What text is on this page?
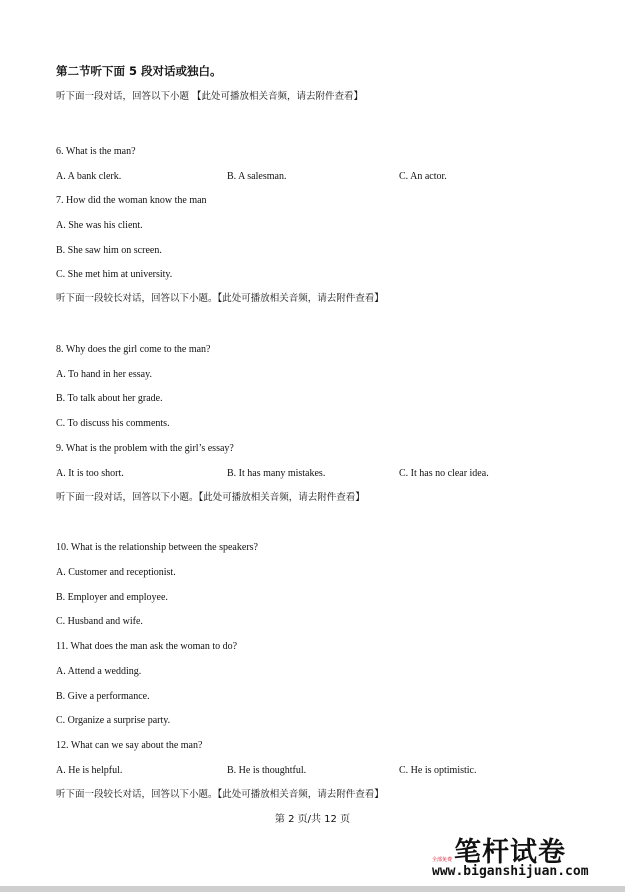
第二节听下面 5 段对话或独白。
听下面一段对话，回答以下小题 【此处可播放相关音频，请去附件查看】
6. What is the man?
A. A bank clerk.	B. A salesman.	C. An actor.
7. How did the woman know the man
A. She was his client.
B. She saw him on screen.
C. She met him at university.
听下面一段较长对话，回答以下小题。【此处可播放相关音频，请去附件查看】
8. Why does the girl come to the man?
A. To hand in her essay.
B. To talk about her grade.
C. To discuss his comments.
9. What is the problem with the girl’s essay?
A. It is too short.	B. It has many mistakes.	C. It has no clear idea.
听下面一段对话，回答以下小题。【此处可播放相关音频，请去附件查看】
10. What is the relationship between the speakers?
A. Customer and receptionist.
B. Employer and employee.
C. Husband and wife.
11. What does the man ask the woman to do?
A. Attend a wedding.
B. Give a performance.
C. Organize a surprise party.
12. What can we say about the man?
A. He is helpful.	B. He is thoughtful.	C. He is optimistic.
听下面一段较长对话，回答以下小题。【此处可播放相关音频，请去附件查看】
第 2 页/共 12 页
笔杆试卷
全部免费
www.biganshijuan.com
